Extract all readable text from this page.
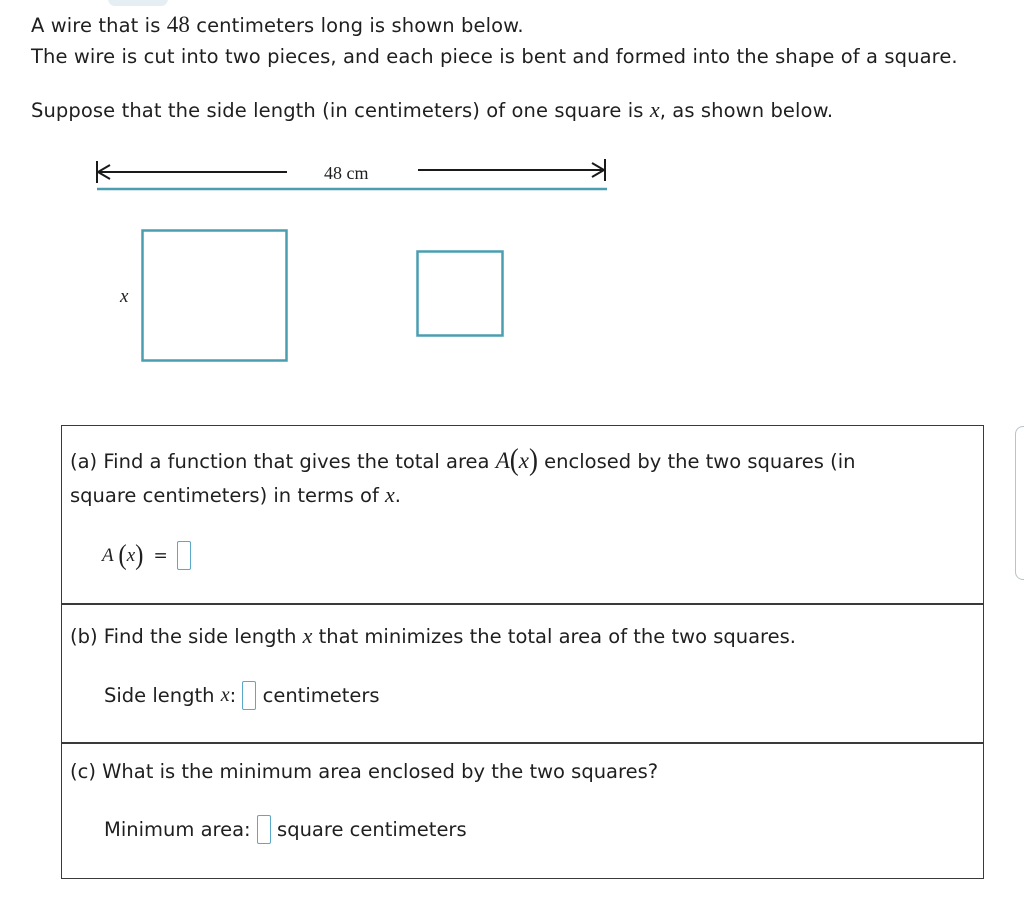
A wire that is 48 centimeters long is shown below.
The wire is cut into two pieces, and each piece is bent and formed into the shape of a square.
Suppose that the side length (in centimeters) of one square is x, as shown below.
48 cm
x
(a) Find a function that gives the total area A(x) enclosed by the two squares (in
square centimeters) in terms of x.
A
( x ) =
(b) Find the side length x that minimizes the total area of the two squares.
Side length
x :

centimeters
(c) What is the minimum area enclosed by the two squares?
Minimum area:

square centimeters
